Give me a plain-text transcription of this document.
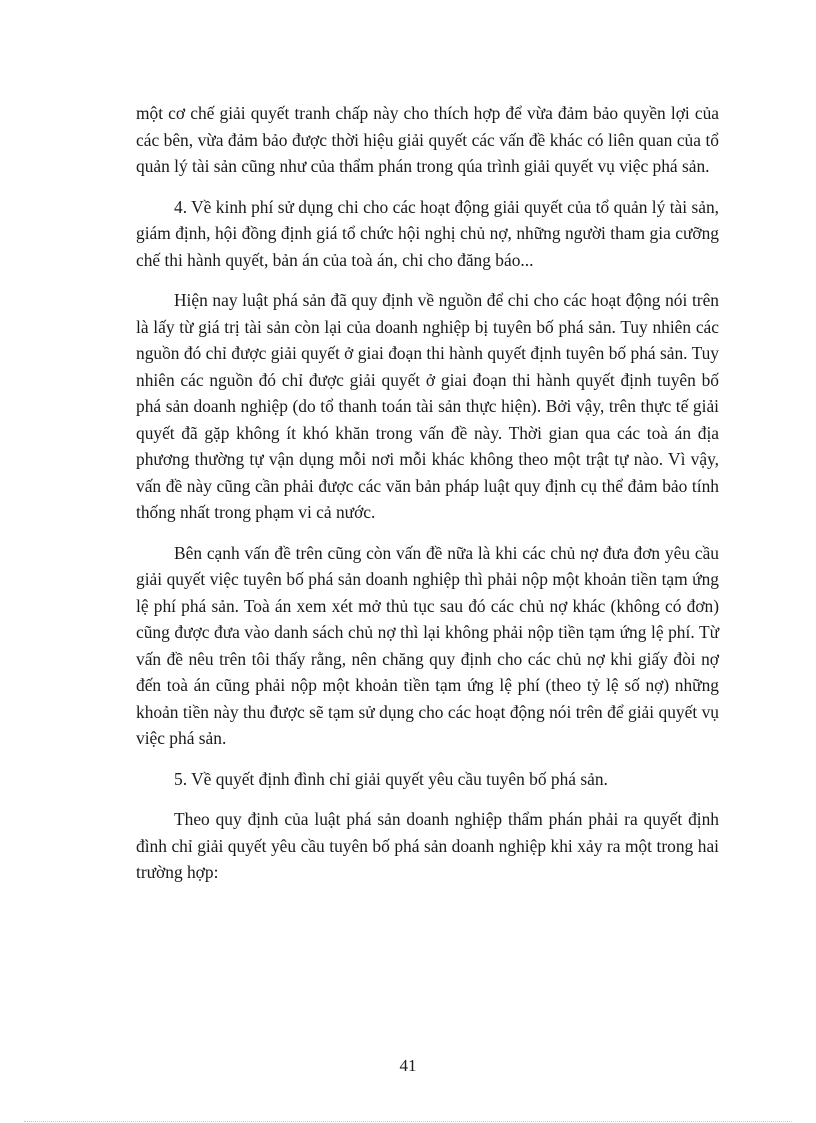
một cơ chế giải quyết tranh chấp này cho thích hợp để vừa đảm bảo quyền lợi của các bên, vừa đảm bảo được thời hiệu giải quyết các vấn đề khác có liên quan của tổ quản lý tài sản cũng như của thẩm phán trong qúa trình giải quyết vụ việc phá sản.

4. Về kinh phí sử dụng chi cho các hoạt động giải quyết của tổ quản lý tài sản, giám định, hội đồng định giá tổ chức hội nghị chủ nợ, những người tham gia cưỡng chế thi hành quyết, bản án của toà án, chi cho đăng báo...

Hiện nay luật phá sản đã quy định về nguồn để chi cho các hoạt động nói trên là lấy từ giá trị tài sản còn lại của doanh nghiệp bị tuyên bố phá sản. Tuy nhiên các nguồn đó chỉ được giải quyết ở giai đoạn thi hành quyết định tuyên bố phá sản. Tuy nhiên các nguồn đó chỉ được giải quyết ở giai đoạn thi hành quyết định tuyên bố phá sản doanh nghiệp (do tổ thanh toán tài sản thực hiện). Bởi vậy, trên thực tế giải quyết đã gặp không ít khó khăn trong vấn đề này. Thời gian qua các toà án địa phương thường tự vận dụng mỗi nơi mỗi khác không theo một trật tự nào. Vì vậy, vấn đề này cũng cần phải được các văn bản pháp luật quy định cụ thể đảm bảo tính thống nhất trong phạm vi cả nước.

Bên cạnh vấn đề trên cũng còn vấn đề nữa là khi các chủ nợ đưa đơn yêu cầu giải quyết việc tuyên bố phá sản doanh nghiệp thì phải nộp một khoản tiền tạm ứng lệ phí phá sản. Toà án xem xét mở thủ tục sau đó các chủ nợ khác (không có đơn) cũng được đưa vào danh sách chủ nợ thì lại không phải nộp tiền tạm ứng lệ phí. Từ vấn đề nêu trên tôi thấy rằng, nên chăng quy định cho các chủ nợ khi giấy đòi nợ đến toà án cũng phải nộp một khoản tiền tạm ứng lệ phí (theo tỷ lệ số nợ) những khoản tiền này thu được sẽ tạm sử dụng cho các hoạt động nói trên để giải quyết vụ việc phá sản.

5. Về quyết định đình chỉ giải quyết yêu cầu tuyên bố phá sản.

Theo quy định của luật phá sản doanh nghiệp thẩm phán phải ra quyết định đình chỉ giải quyết yêu cầu tuyên bố phá sản doanh nghiệp khi xảy ra một trong hai trường hợp:

41
